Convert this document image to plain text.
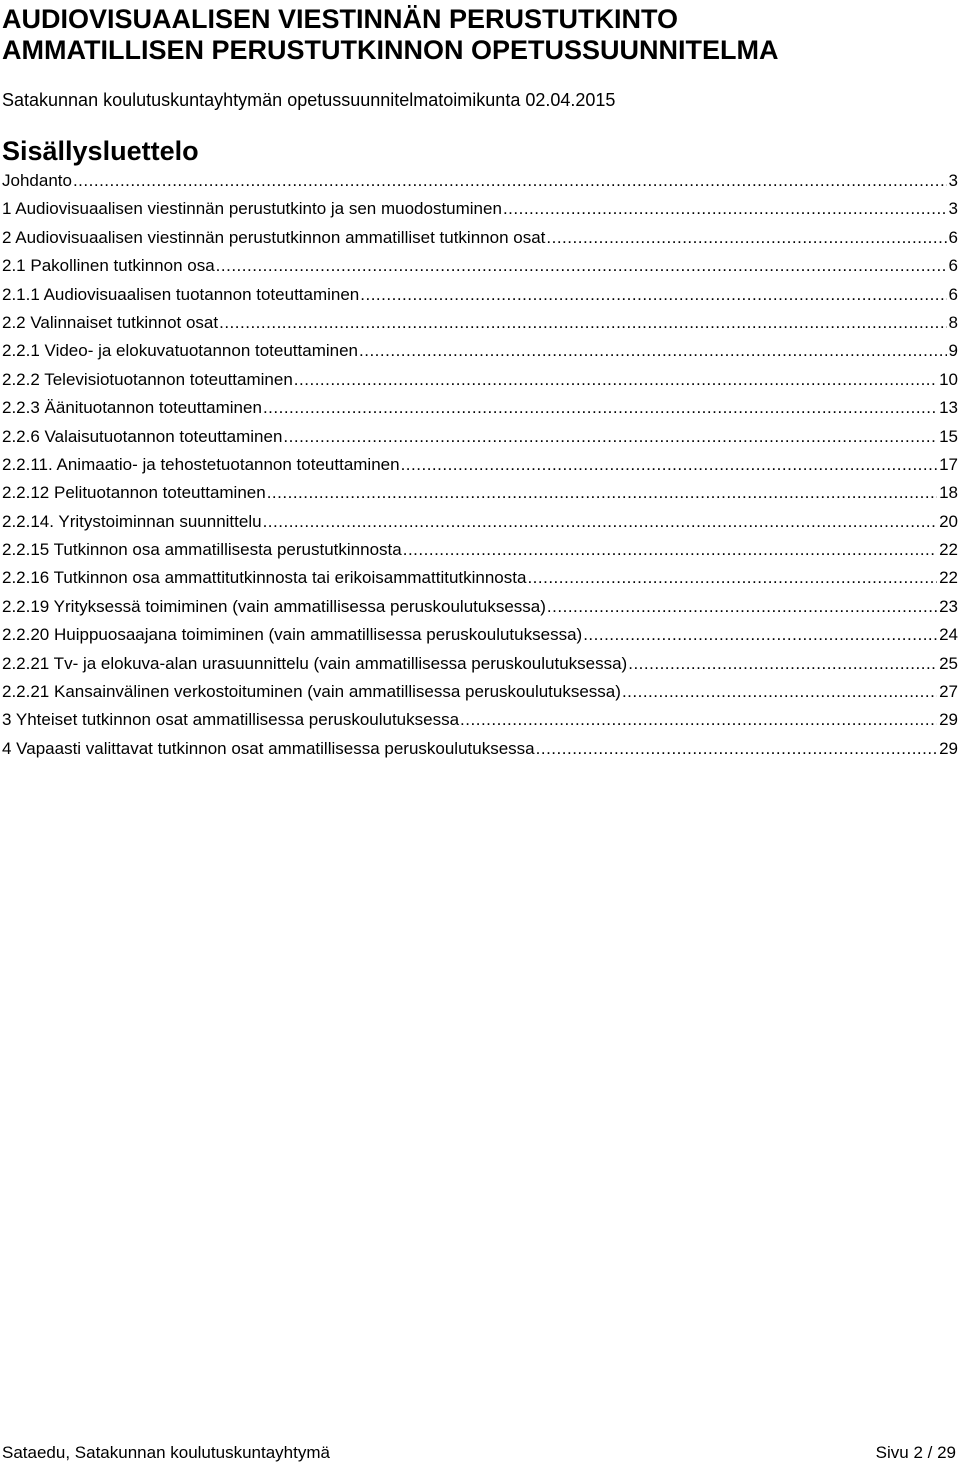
AUDIOVISUAALISEN VIESTINNÄN PERUSTUTKINTO
AMMATILLISEN PERUSTUTKINNON OPETUSSUUNNITELMA
Satakunnan koulutuskuntayhtymän opetussuunnitelmatoimikunta 02.04.2015
Sisällysluettelo
Johdanto .....	3
1 Audiovisuaalisen viestinnän perustutkinto ja sen muodostuminen .....	3
2 Audiovisuaalisen viestinnän perustutkinnon ammatilliset tutkinnon osat .....	6
2.1 Pakollinen tutkinnon osa .....	6
2.1.1 Audiovisuaalisen tuotannon toteuttaminen .....	6
2.2 Valinnaiset tutkinnot osat .....	8
2.2.1 Video- ja elokuvatuotannon toteuttaminen .....	9
2.2.2 Televisiotuotannon toteuttaminen .....	10
2.2.3 Äänituotannon toteuttaminen .....	13
2.2.6 Valaisutuotannon toteuttaminen .....	15
2.2.11. Animaatio- ja tehostetuotannon toteuttaminen .....	17
2.2.12 Pelituotannon toteuttaminen .....	18
2.2.14. Yritystoiminnan suunnittelu .....	20
2.2.15 Tutkinnon osa ammatillisesta perustutkinnosta .....	22
2.2.16 Tutkinnon osa ammattitutkinnosta tai erikoisammattitutkinnosta .....	22
2.2.19 Yrityksessä toimiminen (vain ammatillisessa peruskoulutuksessa) .....	23
2.2.20 Huippuosaajana toimiminen (vain ammatillisessa peruskoulutuksessa) .....	24
2.2.21 Tv- ja elokuva-alan urasuunnittelu (vain ammatillisessa peruskoulutuksessa) .....	25
2.2.21 Kansainvälinen verkostoituminen (vain ammatillisessa peruskoulutuksessa) .....	27
3 Yhteiset tutkinnon osat ammatillisessa peruskoulutuksessa .....	29
4 Vapaasti valittavat tutkinnon osat ammatillisessa peruskoulutuksessa .....	29
Sataedu, Satakunnan koulutuskuntayhtymä	Sivu 2 / 29
